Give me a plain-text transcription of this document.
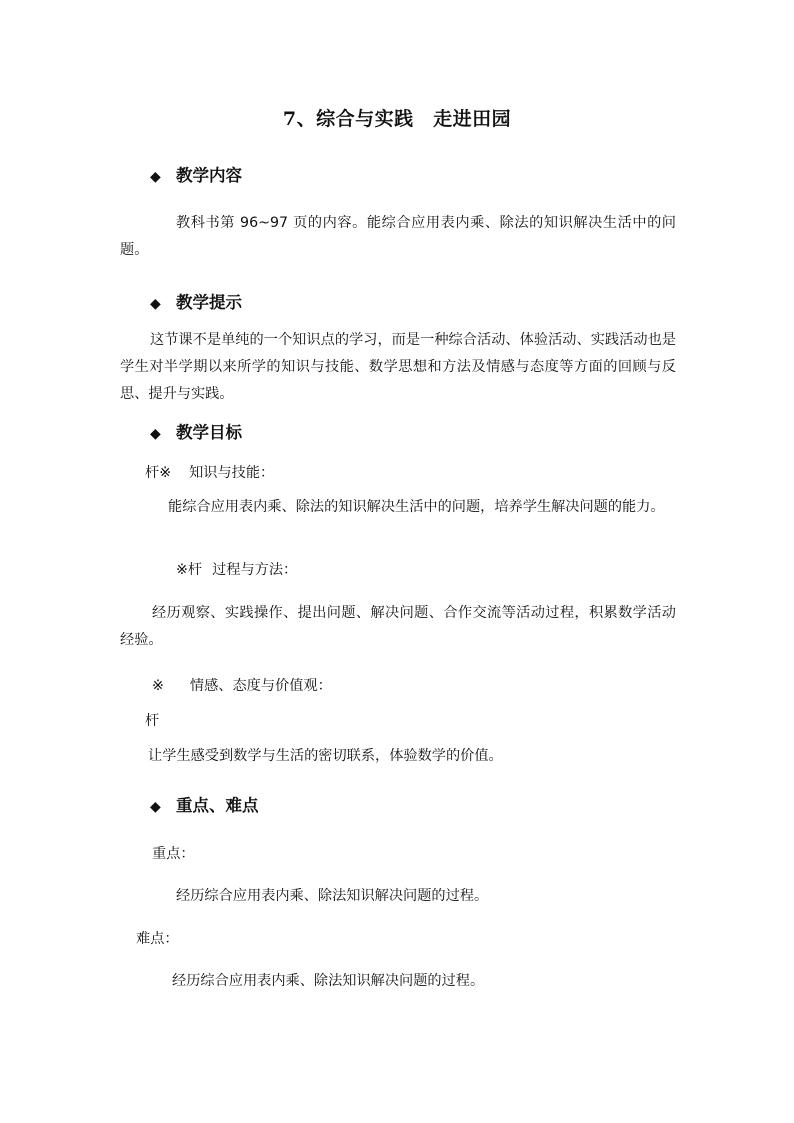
7、综合与实践　走进田园
◆ 教学内容
教科书第 96~97 页的内容。能综合应用表内乘、除法的知识解决生活中的问题。
◆ 教学提示
这节课不是单纯的一个知识点的学习，而是一种综合活动、体验活动、实践活动也是学生对半学期以来所学的知识与技能、数学思想和方法及情感与态度等方面的回顾与反思、提升与实践。
◆ 教学目标
杆※ 知识与技能：
能综合应用表内乘、除法的知识解决生活中的问题，培养学生解决问题的能力。
※杆 过程与方法：
经历观察、实践操作、提出问题、解决问题、合作交流等活动过程，积累数学活动经验。
※ 情感、态度与价值观：
杆
让学生感受到数学与生活的密切联系，体验数学的价值。
◆ 重点、难点
重点：
经历综合应用表内乘、除法知识解决问题的过程。
难点：
经历综合应用表内乘、除法知识解决问题的过程。
